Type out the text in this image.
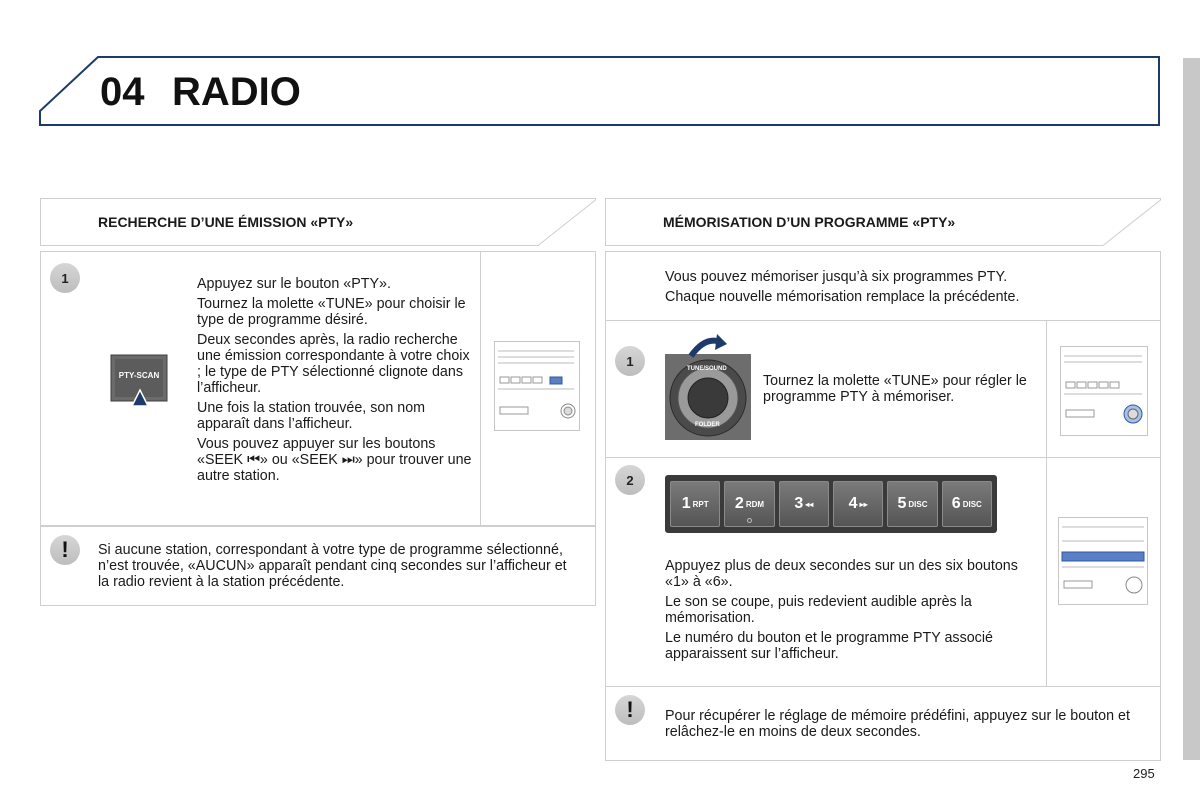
04 RADIO
RECHERCHE D’UNE ÉMISSION «PTY»
1
PTY-SCAN

Appuyez sur le bouton «PTY».

Tournez la molette «TUNE» pour choisir le type de programme désiré.

Deux secondes après, la radio recherche une émission correspondante à votre choix ; le type de PTY sélectionné clignote dans l’afficheur.

Une fois la station trouvée, son nom apparaît dans l’afficheur.

Vous pouvez appuyer sur les boutons «SEEK ⏮» ou «SEEK ⏭» pour trouver une autre station.

!	Si aucune station, correspondant à votre type de programme sélectionné, n’est trouvée, «AUCUN» apparaît pendant cinq secondes sur l’afficheur et la radio revient à la station précédente.
MÉMORISATION D’UN PROGRAMME «PTY»

Vous pouvez mémoriser jusqu’à six programmes PTY.

Chaque nouvelle mémorisation remplace la précédente.

1
TUNE/SOUND
FOLDER
Tournez la molette «TUNE» pour régler le programme PTY à mémoriser.
2
1 RPT 2 RDM 3 ◂◂ 4 ▸▸ 5 DISC 6 DISC

Appuyez plus de deux secondes sur un des six boutons «1» à «6».

Le son se coupe, puis redevient audible après la mémorisation.

Le numéro du bouton et le programme PTY associé apparaissent sur l’afficheur.

!	Pour récupérer le réglage de mémoire prédéfini, appuyez sur le bouton et relâchez-le en moins de deux secondes.
295
